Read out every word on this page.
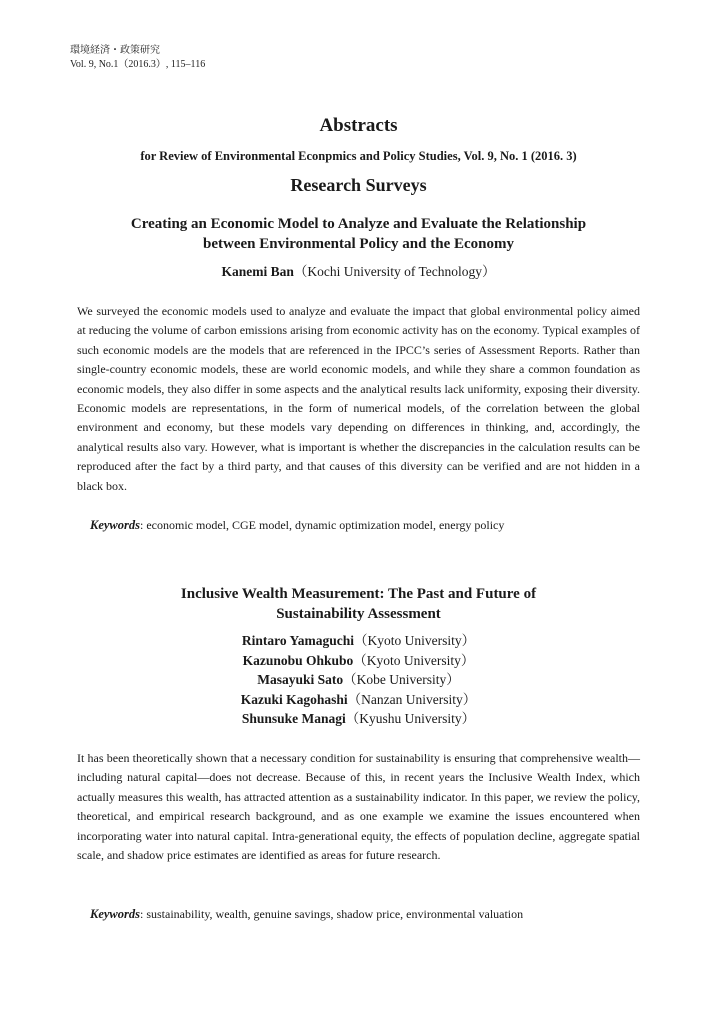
環境経済・政策研究
Vol. 9, No.1（2016.3）, 115–116
Abstracts
for Review of Environmental Econpmics and Policy Studies, Vol. 9, No. 1 (2016. 3)
Research Surveys
Creating an Economic Model to Analyze and Evaluate the Relationship
between Environmental Policy and the Economy
Kanemi Ban（Kochi University of Technology）
We surveyed the economic models used to analyze and evaluate the impact that global environmental policy aimed at reducing the volume of carbon emissions arising from economic activity has on the economy. Typical examples of such economic models are the models that are referenced in the IPCC’s series of Assessment Reports. Rather than single-country economic models, these are world economic models, and while they share a common foundation as economic models, they also differ in some aspects and the analytical results lack uniformity, exposing their diversity. Economic models are representations, in the form of numerical models, of the correlation between the global environment and economy, but these models vary depending on differences in thinking, and, accordingly, the analytical results also vary. However, what is important is whether the discrepancies in the calculation results can be reproduced after the fact by a third party, and that causes of this diversity can be verified and are not hidden in a black box.
Keywords: economic model, CGE model, dynamic optimization model, energy policy
Inclusive Wealth Measurement: The Past and Future of
Sustainability Assessment
Rintaro Yamaguchi（Kyoto University）
Kazunobu Ohkubo（Kyoto University）
Masayuki Sato（Kobe University）
Kazuki Kagohashi（Nanzan University）
Shunsuke Managi（Kyushu University）
It has been theoretically shown that a necessary condition for sustainability is ensuring that comprehensive wealth—including natural capital—does not decrease. Because of this, in recent years the Inclusive Wealth Index, which actually measures this wealth, has attracted attention as a sustainability indicator. In this paper, we review the policy, theoretical, and empirical research background, and as one example we examine the issues encountered when incorporating water into natural capital. Intra-generational equity, the effects of population decline, aggregate spatial scale, and shadow price estimates are identified as areas for future research.
Keywords: sustainability, wealth, genuine savings, shadow price, environmental valuation
